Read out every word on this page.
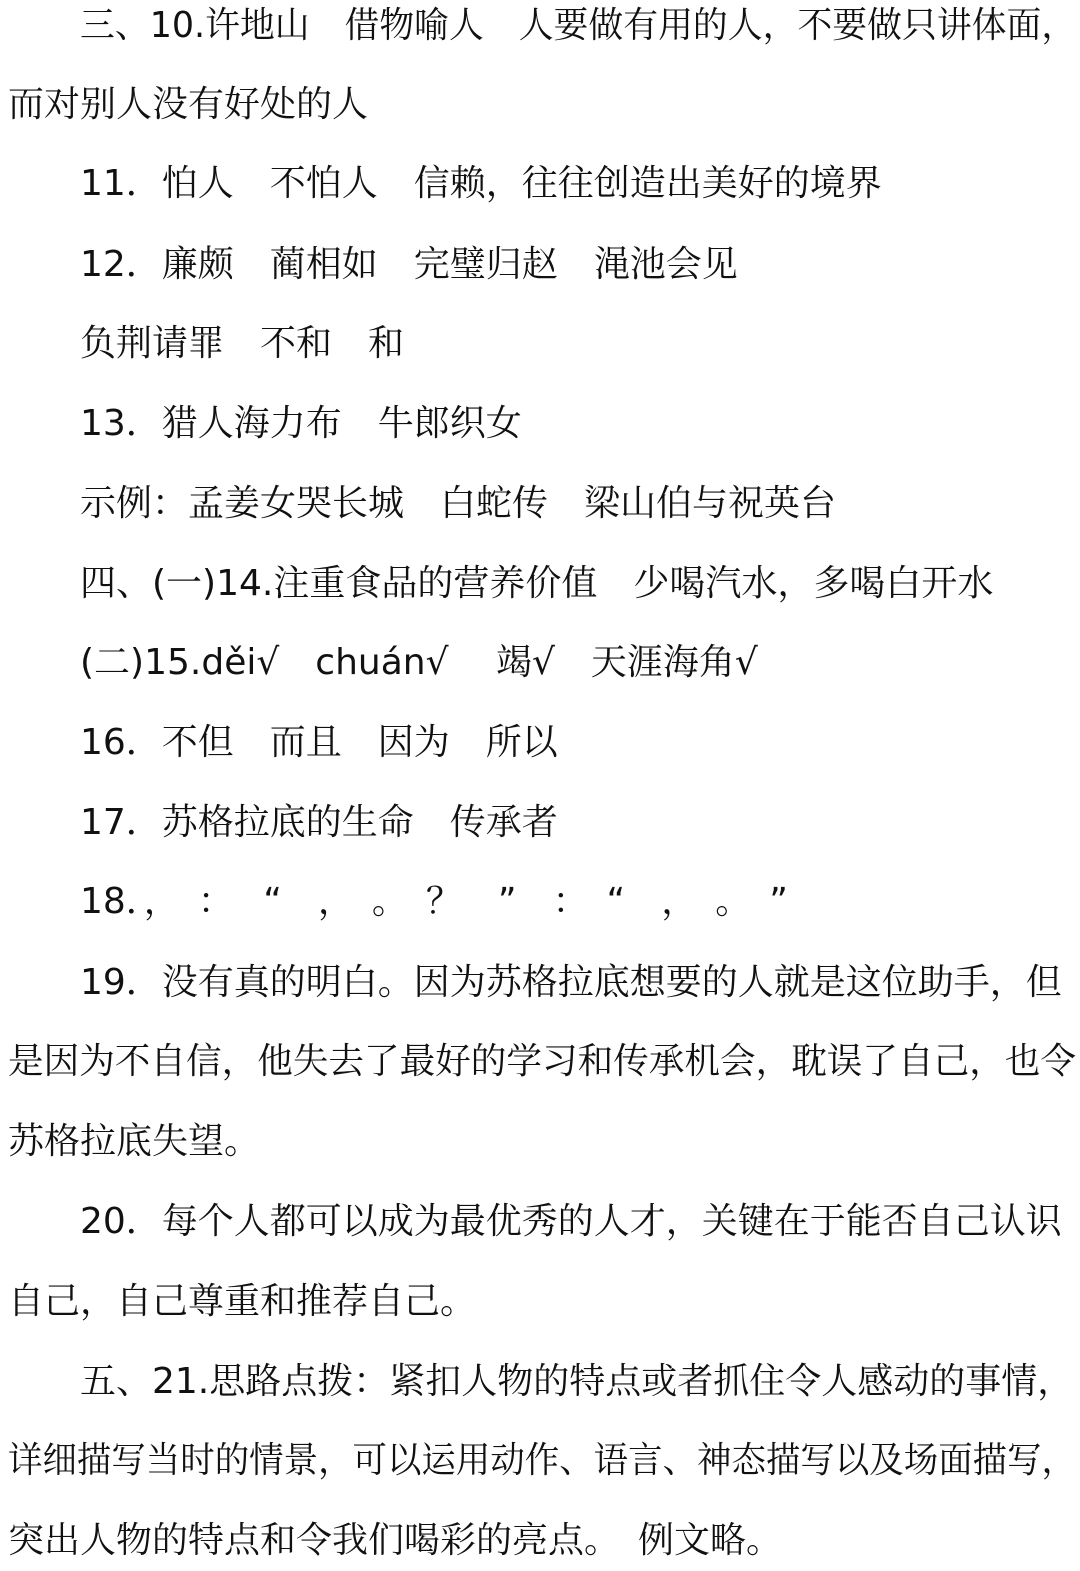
三、10.许地山　借物喻人　人要做有用的人，不要做只讲体面，
而对别人没有好处的人
11．怕人　不怕人　信赖，往往创造出美好的境界
12．廉颇　蔺相如　完璧归赵　渑池会见
负荆请罪　不和　和
13．猎人海力布　牛郎织女
示例：孟姜女哭长城　白蛇传　梁山伯与祝英台
四、(一)14.注重食品的营养价值　少喝汽水，多喝白开水
(二)15.děi√　chuán√　 竭√　天涯海角√
16．不但　而且　因为　所以
17．苏格拉底的生命　传承者
18．，　：　 “　，　。　？　”　：　“　，　。　”
19．没有真的明白。因为苏格拉底想要的人就是这位助手，但
是因为不自信，他失去了最好的学习和传承机会，耽误了自己，也令
苏格拉底失望。
20．每个人都可以成为最优秀的人才，关键在于能否自己认识
自己，自己尊重和推荐自己。
五、21.思路点拨：紧扣人物的特点或者抓住令人感动的事情，
详细描写当时的情景，可以运用动作、语言、神态描写以及场面描写，
突出人物的特点和令我们喝彩的亮点。　例文略。
